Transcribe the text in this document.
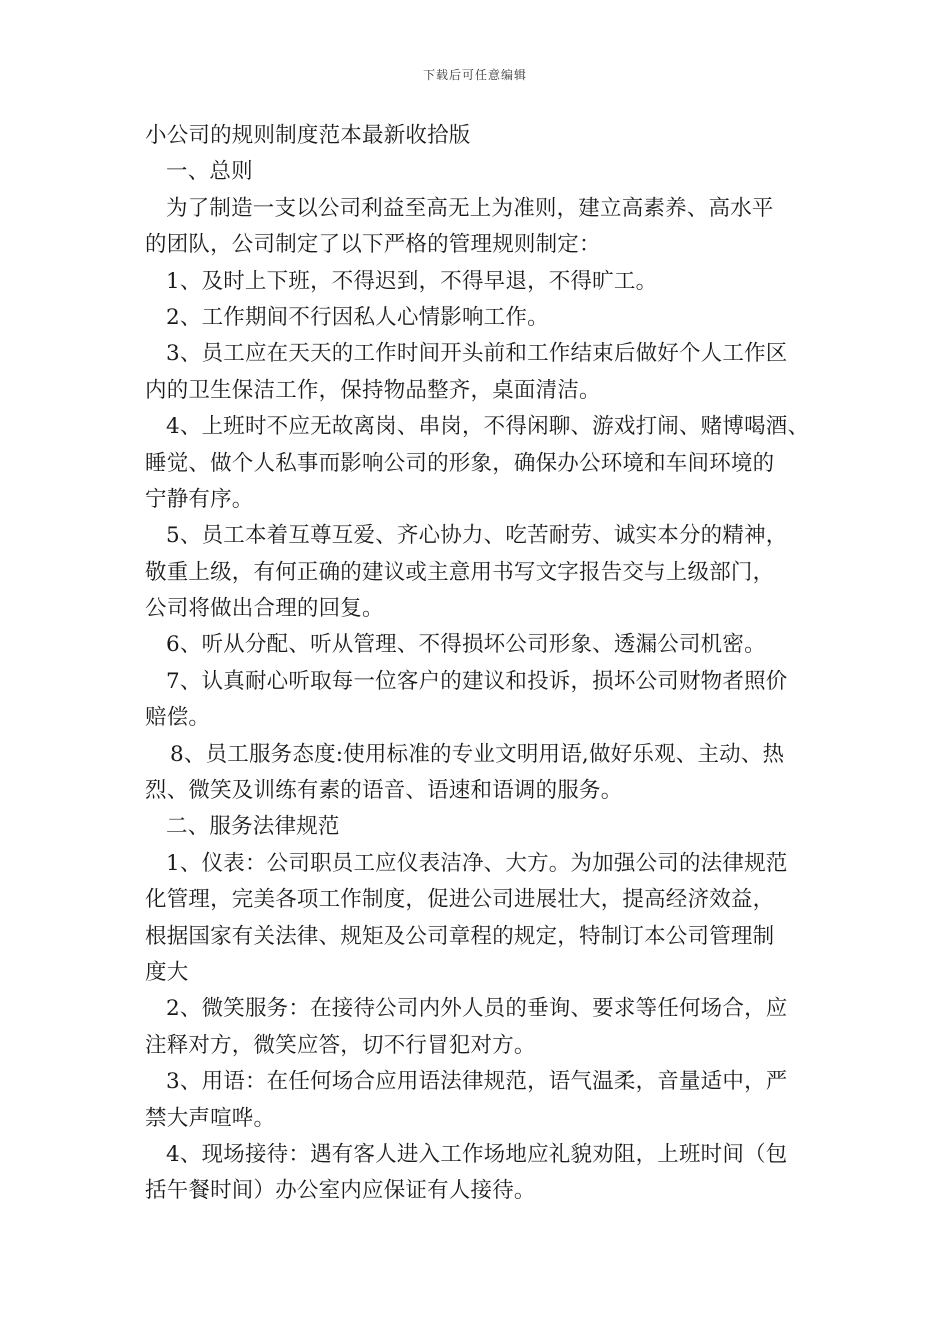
下载后可任意编辑
小公司的规则制度范本最新收拾版
一、总则
为了制造一支以公司利益至高无上为准则，建立高素养、高水平
的团队，公司制定了以下严格的管理规则制定：
1、及时上下班，不得迟到，不得早退，不得旷工。
2、工作期间不行因私人心情影响工作。
3、员工应在天天的工作时间开头前和工作结束后做好个人工作区
内的卫生保洁工作，保持物品整齐，桌面清洁。
4、上班时不应无故离岗、串岗，不得闲聊、游戏打闹、赌博喝酒、
睡觉、做个人私事而影响公司的形象，确保办公环境和车间环境的
宁静有序。
5、员工本着互尊互爱、齐心协力、吃苦耐劳、诚实本分的精神，
敬重上级，有何正确的建议或主意用书写文字报告交与上级部门，
公司将做出合理的回复。
6、听从分配、听从管理、不得损坏公司形象、透漏公司机密。
7、认真耐心听取每一位客户的建议和投诉，损坏公司财物者照价
赔偿。
8、员工服务态度:使用标准的专业文明用语,做好乐观、主动、热
烈、微笑及训练有素的语音、语速和语调的服务。
二、服务法律规范
1、仪表：公司职员工应仪表洁净、大方。为加强公司的法律规范
化管理，完美各项工作制度，促进公司进展壮大，提高经济效益，
根据国家有关法律、规矩及公司章程的规定，特制订本公司管理制
度大
2、微笑服务：在接待公司内外人员的垂询、要求等任何场合，应
注释对方，微笑应答，切不行冒犯对方。
3、用语：在任何场合应用语法律规范，语气温柔，音量适中，严
禁大声喧哗。
4、现场接待：遇有客人进入工作场地应礼貌劝阻，上班时间（包
括午餐时间）办公室内应保证有人接待。
